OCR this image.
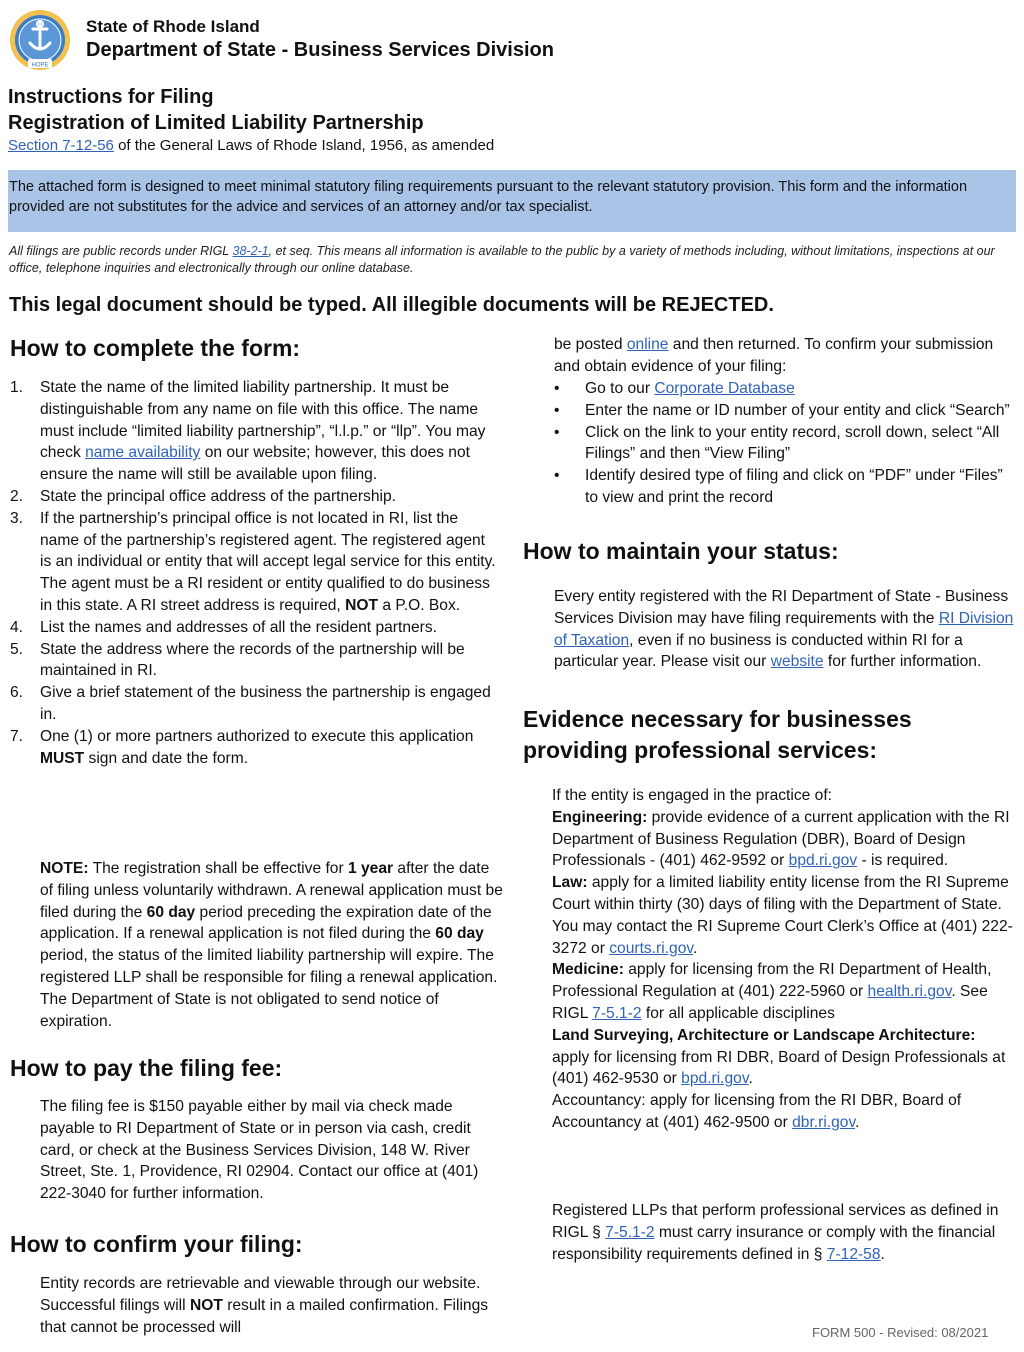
HOPE
State of Rhode Island
Department of State - Business Services Division
Instructions for Filing
Registration of Limited Liability Partnership
Section 7-12-56 of the General Laws of Rhode Island, 1956, as amended
The attached form is designed to meet minimal statutory filing requirements pursuant to the relevant statutory provision. This form and the information provided are not substitutes for the advice and services of an attorney and/or tax specialist.
All filings are public records under RIGL 38-2-1, et seq. This means all information is available to the public by a variety of methods including, without limitations, inspections at our office, telephone inquiries and electronically through our online database.
This legal document should be typed. All illegible documents will be REJECTED.
How to complete the form:
1. State the name of the limited liability partnership. It must be distinguishable from any name on file with this office. The name must include “limited liability partnership”, “l.l.p.” or “llp”. You may check name availability on our website; however, this does not ensure the name will still be available upon filing.
2. State the principal office address of the partnership.
3. If the partnership’s principal office is not located in RI, list the name of the partnership’s registered agent. The registered agent is an individual or entity that will accept legal service for this entity. The agent must be a RI resident or entity qualified to do business in this state. A RI street address is required, NOT a P.O. Box.
4. List the names and addresses of all the resident partners.
5. State the address where the records of the partnership will be maintained in RI.
6. Give a brief statement of the business the partnership is engaged in.
7. One (1) or more partners authorized to execute this application MUST sign and date the form.
NOTE: The registration shall be effective for 1 year after the date of filing unless voluntarily withdrawn. A renewal application must be filed during the 60 day period preceding the expiration date of the application. If a renewal application is not filed during the 60 day period, the status of the limited liability partnership will expire. The registered LLP shall be responsible for filing a renewal application. The Department of State is not obligated to send notice of expiration.
How to pay the filing fee:
The filing fee is $150 payable either by mail via check made payable to RI Department of State or in person via cash, credit card, or check at the Business Services Division, 148 W. River Street, Ste. 1, Providence, RI 02904. Contact our office at (401) 222-3040 for further information.
How to confirm your filing:
Entity records are retrievable and viewable through our website. Successful filings will NOT result in a mailed confirmation. Filings that cannot be processed will
be posted online and then returned. To confirm your submission and obtain evidence of your filing:
• Go to our Corporate Database
• Enter the name or ID number of your entity and click “Search”
• Click on the link to your entity record, scroll down, select “All Filings” and then “View Filing”
• Identify desired type of filing and click on “PDF” under “Files” to view and print the record
How to maintain your status:
Every entity registered with the RI Department of State - Business Services Division may have filing requirements with the RI Division of Taxation, even if no business is conducted within RI for a particular year. Please visit our website for further information.
Evidence necessary for businesses providing professional services:
If the entity is engaged in the practice of:
Engineering: provide evidence of a current application with the RI Department of Business Regulation (DBR), Board of Design Professionals - (401) 462-9592 or bpd.ri.gov - is required.
Law: apply for a limited liability entity license from the RI Supreme Court within thirty (30) days of filing with the Department of State. You may contact the RI Supreme Court Clerk’s Office at (401) 222-3272 or courts.ri.gov.
Medicine: apply for licensing from the RI Department of Health, Professional Regulation at (401) 222-5960 or health.ri.gov. See RIGL 7-5.1-2 for all applicable disciplines
Land Surveying, Architecture or Landscape Architecture: apply for licensing from RI DBR, Board of Design Professionals at (401) 462-9530 or bpd.ri.gov.
Accountancy: apply for licensing from the RI DBR, Board of Accountancy at (401) 462-9500 or dbr.ri.gov.
Registered LLPs that perform professional services as defined in RIGL § 7-5.1-2 must carry insurance or comply with the financial responsibility requirements defined in § 7-12-58.
FORM 500 - Revised: 08/2021
